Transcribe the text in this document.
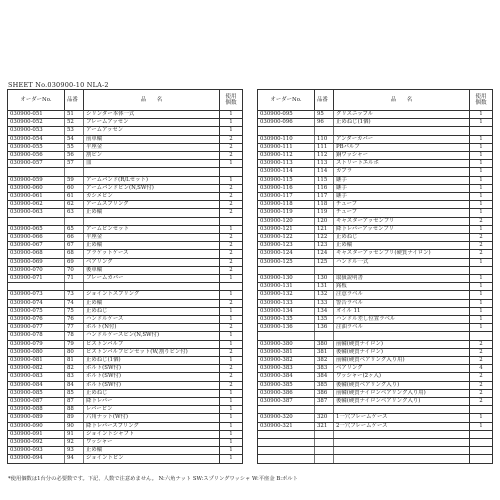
SHEET No.030900-10 NLA-2
オーダーNo.	品番	品　　名	使用
個数
030900-051	51	シリンダー本体一式	1
030900-052	52	フレームアッセン	1
030900-053	53	アームアッセン	1
030900-054	54	前車輪	2
030900-055	55	平座金	2
030900-056	56	割ピン	2
030900-057	57	皿	1

030900-059	59	アームバンド(R/Lセット)	1
030900-060	60	アームバンドピン(N,SW付)	2
030900-061	61	カシメピン	2
030900-062	62	アームスプリング	2
030900-063	63	止め輪	2

030900-065	65	アームピンセット	1
030900-066	66	平座金	2
030900-067	67	止め輪	2
030900-068	68	ブラケットケース	2
030900-069	69	ベアリング	2
030900-070	70	後車輪	2
030900-071	71	フレームカバー	1

030900-073	73	ジョイントスプリング	1
030900-074	74	止め輪	2
030900-075	75	止めねじ	1
030900-076	76	ハンドルケース	1
030900-077	77	ボルト(N付)	2
030900-078	78	ハンドルケースピン(N,SW付)	1
030900-079	79	ピストンバルブ	1
030900-080	80	ピストンバルブピンセット(W,割りピン付)	2
030900-081	81	止めねじ(1個)	1
030900-082	82	ボルト(SW付)	2
030900-083	83	ボルト(SW付)	2
030900-084	84	ボルト(SW付)	2
030900-085	85	止めねじ	1
030900-087	87	降下レバー	1
030900-088	88	レバーピン	1
030900-089	89	六角ナット(W付)	1
030900-090	90	降下レバースプリング	1
030900-091	91	ジョイントシャフト	1
030900-092	92	ワッシャー	1
030900-093	93	止め輪	1
030900-094	94	ジョイントピン	1
オーダーNo.	品番	品　　名	使用
個数
030900-095	95	グリスニップル	1
030900-096	96	止めねじ(1個)	1

030900-110	110	アンダーカバー	1
030900-111	111	PBバルブ	1
030900-112	112	銅ワッシャー	1
030900-113	113	ストリートエルボ	1
030900-114	114	カプラ	1
030900-115	115	継手	1
030900-116	116	継手	1
030900-117	117	継手	1
030900-118	118	チューブ	1
030900-119	119	チューブ	1
030900-120	120	キャスターアッセンブリ	2
030900-121	121	降下レバーアッセンブリ	1
030900-122	122	止めねじ	2
030900-123	123	止め輪	2
030900-124	124	キャスターアッセンブリ(硬質ナイロン)	2
030900-125	125	ハンドル一式	1

030900-130	130	取扱説明書	1
030900-131	131	銘板	1
030900-132	132	注意ラベル	1
030900-133	133	警告ラベル	1
030900-134	134	オイル 11	1
030900-135	135	ハンドル差し位置ラベル	1
030900-136	136	注油ラベル	1

030900-380	380	前輪(硬質ナイロン)	2
030900-381	381	後輪(硬質ナイロン)	2
030900-382	382	前輪(硬質ベアリング入り用)	2
030900-383	383	ベアリング	4
030900-384	384	ワッシャー(2ヶ入)	2
030900-385	385	後輪(硬質ベアリング入り)	2
030900-386	386	前輪(硬質ナイロンベアリング入り用)	2
030900-387	387	後輪(硬質ナイロンベアリング入り)	2

030900-320	320	1一穴フレームケース	1
030900-321	321	2一穴フレームケース	1

*使用個数は1台分の必要数です。下記、人数で注意めません。 N:六角ナット SW:スプリングワッシャ W:平座金 B:ボルト
